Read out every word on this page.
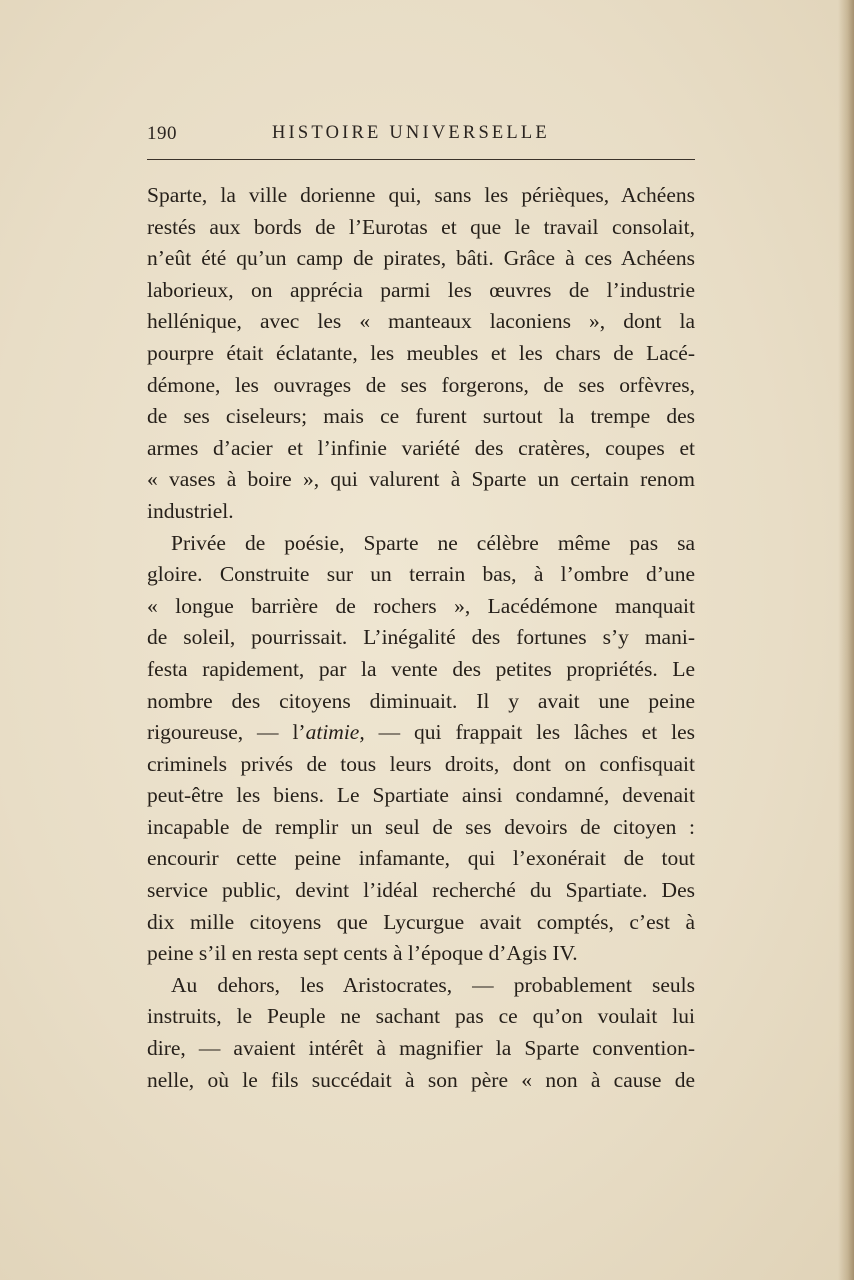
190	HISTOIRE UNIVERSELLE
Sparte, la ville dorienne qui, sans les périèques, Achéens
restés aux bords de l’Eurotas et que le travail consolait,
n’eût été qu’un camp de pirates, bâti. Grâce à ces Achéens
laborieux, on apprécia parmi les œuvres de l’industrie
hellénique, avec les « manteaux laconiens », dont la
pourpre était éclatante, les meubles et les chars de Lacé-
démone, les ouvrages de ses forgerons, de ses orfèvres,
de ses ciseleurs; mais ce furent surtout la trempe des
armes d’acier et l’infinie variété des cratères, coupes et
« vases à boire », qui valurent à Sparte un certain renom
industriel.
Privée de poésie, Sparte ne célèbre même pas sa
gloire. Construite sur un terrain bas, à l’ombre d’une
« longue barrière de rochers », Lacédémone manquait
de soleil, pourrissait. L’inégalité des fortunes s’y mani-
festa rapidement, par la vente des petites propriétés. Le
nombre des citoyens diminuait. Il y avait une peine
rigoureuse, — l’atimie, — qui frappait les lâches et les
criminels privés de tous leurs droits, dont on confisquait
peut-être les biens. Le Spartiate ainsi condamné, devenait
incapable de remplir un seul de ses devoirs de citoyen :
encourir cette peine infamante, qui l’exonérait de tout
service public, devint l’idéal recherché du Spartiate. Des
dix mille citoyens que Lycurgue avait comptés, c’est à
peine s’il en resta sept cents à l’époque d’Agis IV.
Au dehors, les Aristocrates, — probablement seuls
instruits, le Peuple ne sachant pas ce qu’on voulait lui
dire, — avaient intérêt à magnifier la Sparte convention-
nelle, où le fils succédait à son père « non à cause de
